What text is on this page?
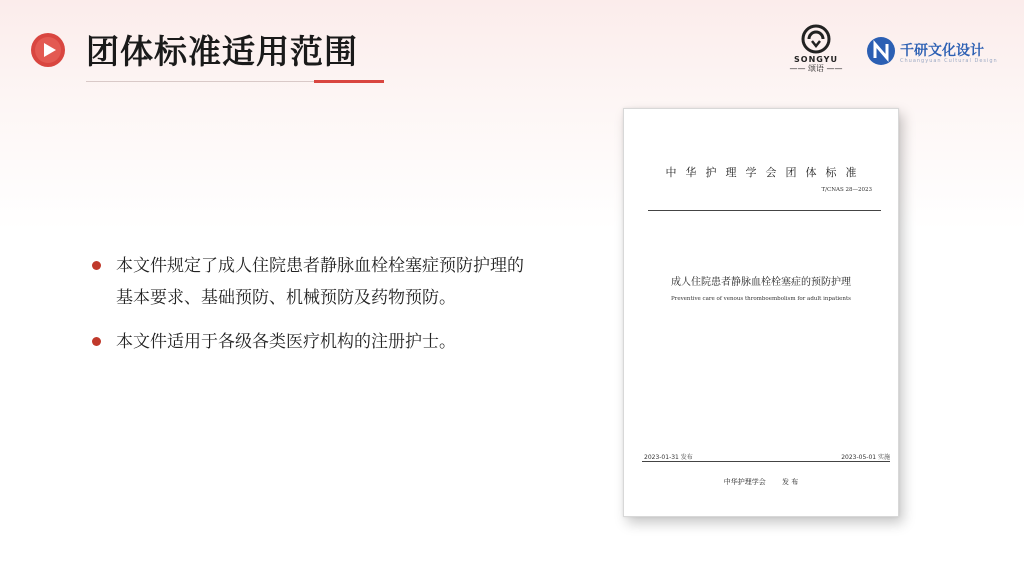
团体标准适用范围	SONGYU
—— 颂语 ——
千研文化设计
Chuangyuan Cultural Design
本文件规定了成人住院患者静脉血栓栓塞症预防护理的
基本要求、基础预防、机械预防及药物预防。
本文件适用于各级各类医疗机构的注册护士。
中华护理学会团体标准
T/CNAS 28—2023
成人住院患者静脉血栓栓塞症的预防护理
Preventive care of venous thromboembolism for adult inpatients
2023-01-31 发布	2023-05-01 实施
中华护理学会 发 布
